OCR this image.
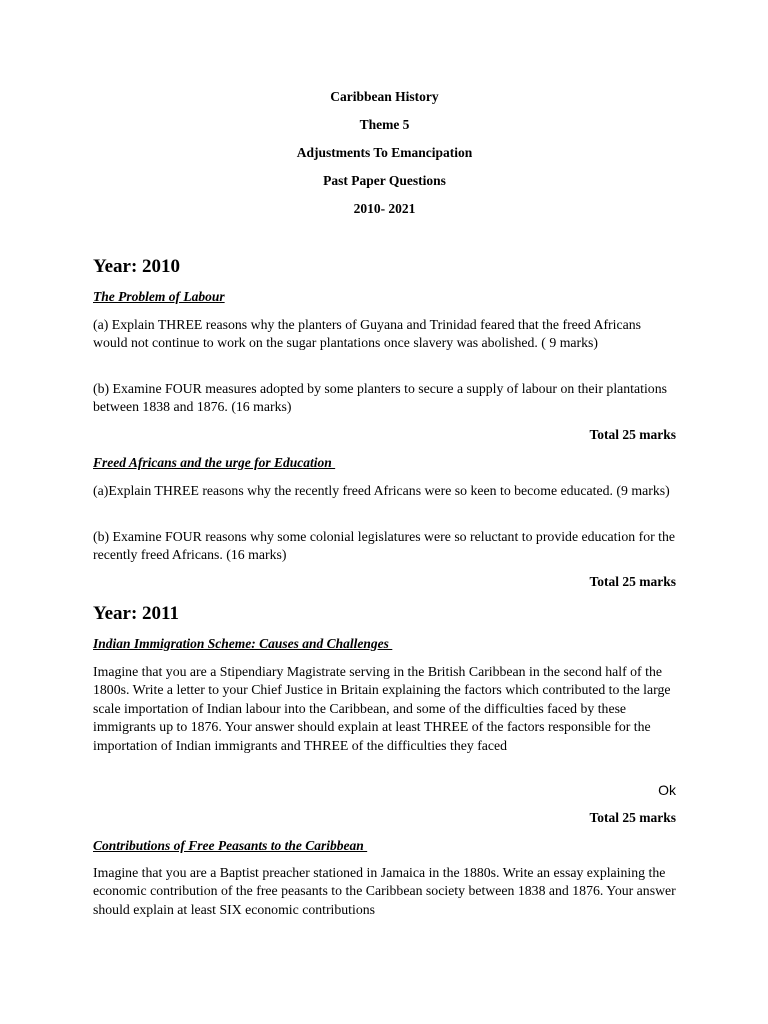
Caribbean History
Theme 5
Adjustments To Emancipation
Past Paper Questions
2010- 2021
Year: 2010
The Problem of Labour
(a) Explain THREE reasons why the planters of Guyana and Trinidad feared that the freed Africans would not continue to work on the sugar plantations once slavery was abolished. ( 9 marks)
(b) Examine FOUR measures adopted by some planters to secure a supply of labour on their plantations between 1838 and 1876. (16 marks)
Total 25 marks
Freed Africans and the urge for Education
(a)Explain THREE reasons why the recently freed Africans were so keen to become educated. (9 marks)
(b) Examine FOUR reasons why some colonial legislatures were so reluctant to provide education for the recently freed Africans. (16 marks)
Total 25 marks
Year: 2011
Indian Immigration Scheme: Causes and Challenges
Imagine that you are a Stipendiary Magistrate serving in the British Caribbean in the second half of the 1800s. Write a letter to your Chief Justice in Britain explaining the factors which contributed to the large scale importation of Indian labour into the Caribbean, and some of the difficulties faced by these immigrants up to 1876. Your answer should explain at least THREE of the factors responsible for the importation of Indian immigrants and THREE of the difficulties they faced
Ok
Total 25 marks
Contributions of Free Peasants to the Caribbean
Imagine that you are a Baptist preacher stationed in Jamaica in the 1880s. Write an essay explaining the economic contribution of the free peasants to the Caribbean society between 1838 and 1876. Your answer should explain at least SIX economic contributions
